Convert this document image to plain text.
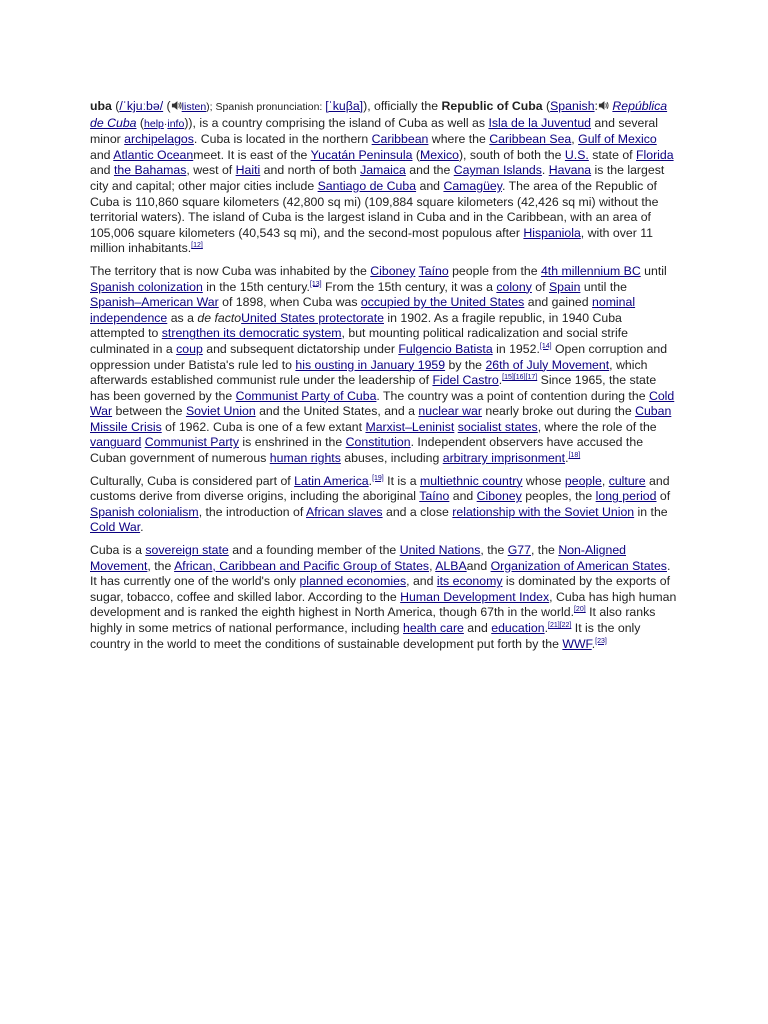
uba (/ˈkjuːbə/ ( listen); Spanish pronunciation: [ˈkuβa]), officially the Republic of Cuba (Spanish: República de Cuba (help·info)), is a country comprising the island of Cuba as well as Isla de la Juventud and several minor archipelagos. Cuba is located in the northern Caribbean where the Caribbean Sea, Gulf of Mexico and Atlantic Oceanmeet. It is east of the Yucatán Peninsula (Mexico), south of both the U.S. state of Florida and the Bahamas, west of Haiti and north of both Jamaica and the Cayman Islands. Havana is the largest city and capital; other major cities include Santiago de Cuba and Camagüey. The area of the Republic of Cuba is 110,860 square kilometers (42,800 sq mi) (109,884 square kilometers (42,426 sq mi) without the territorial waters). The island of Cuba is the largest island in Cuba and in the Caribbean, with an area of 105,006 square kilometers (40,543 sq mi), and the second-most populous after Hispaniola, with over 11 million inhabitants.[12]

The territory that is now Cuba was inhabited by the Ciboney Taíno people from the 4th millennium BC until Spanish colonization in the 15th century.[13] From the 15th century, it was a colony of Spain until the Spanish–American War of 1898, when Cuba was occupied by the United States and gained nominal independence as a de factoUnited States protectorate in 1902. As a fragile republic, in 1940 Cuba attempted to strengthen its democratic system, but mounting political radicalization and social strife culminated in a coup and subsequent dictatorship under Fulgencio Batista in 1952.[14] Open corruption and oppression under Batista's rule led to his ousting in January 1959 by the 26th of July Movement, which afterwards established communist rule under the leadership of Fidel Castro.[15][16][17] Since 1965, the state has been governed by the Communist Party of Cuba. The country was a point of contention during the Cold War between the Soviet Union and the United States, and a nuclear war nearly broke out during the Cuban Missile Crisis of 1962. Cuba is one of a few extant Marxist–Leninist socialist states, where the role of the vanguard Communist Party is enshrined in the Constitution. Independent observers have accused the Cuban government of numerous human rights abuses, including arbitrary imprisonment.[18]

Culturally, Cuba is considered part of Latin America.[19] It is a multiethnic country whose people, culture and customs derive from diverse origins, including the aboriginal Taíno and Ciboney peoples, the long period of Spanish colonialism, the introduction of African slaves and a close relationship with the Soviet Union in the Cold War.

Cuba is a sovereign state and a founding member of the United Nations, the G77, the Non-Aligned Movement, the African, Caribbean and Pacific Group of States, ALBAand Organization of American States. It has currently one of the world's only planned economies, and its economy is dominated by the exports of sugar, tobacco, coffee and skilled labor. According to the Human Development Index, Cuba has high human development and is ranked the eighth highest in North America, though 67th in the world.[20] It also ranks highly in some metrics of national performance, including health care and education.[21][22] It is the only country in the world to meet the conditions of sustainable development put forth by the WWF.[23]
